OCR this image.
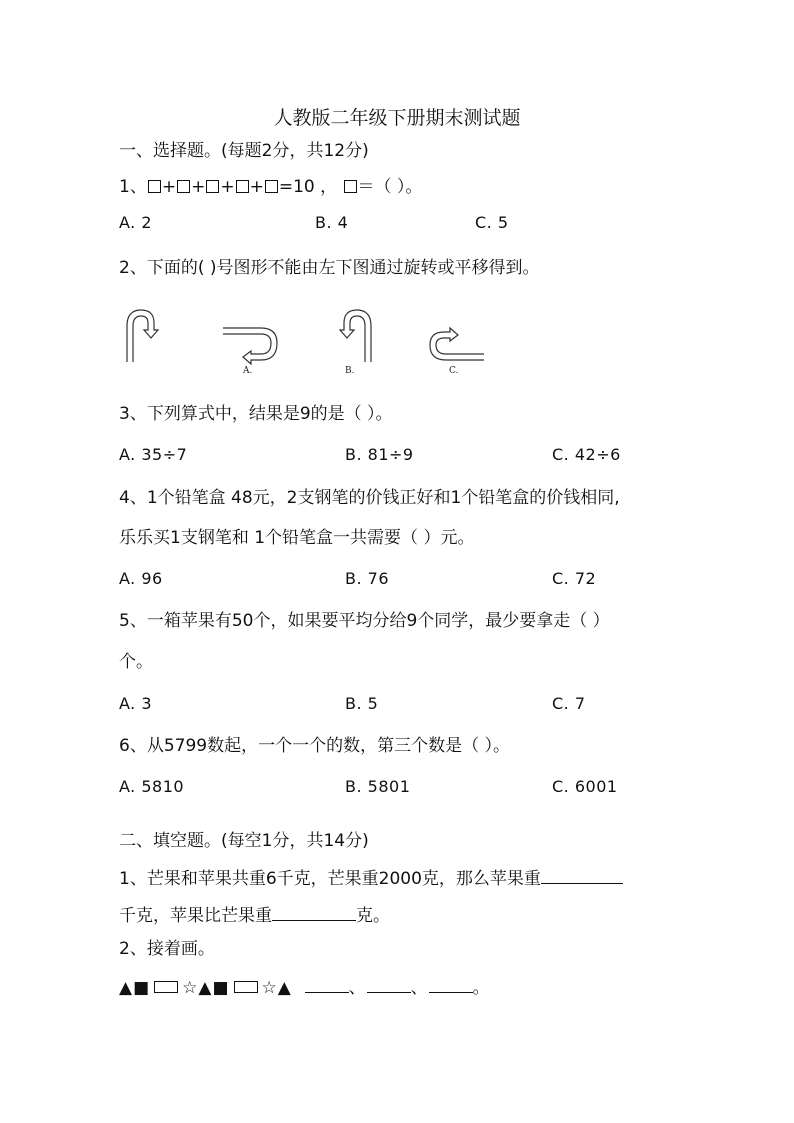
人教版二年级下册期末测试题
一、选择题。(每题2分，共12分)
1、 + + + + =10 ， ＝（ ）。
A. 2	B. 4	C. 5
2、下面的( )号图形不能由左下图通过旋转或平移得到。
A.	B.	C.
3、下列算式中，结果是9的是（ ）。
A. 35÷7	B. 81÷9	C. 42÷6
4、1个铅笔盒 48元，2支钢笔的价钱正好和1个铅笔盒的价钱相同,
乐乐买1支钢笔和 1个铅笔盒一共需要（ ）元。
A. 96	B. 76	C. 72
5、一箱苹果有50个，如果要平均分给9个同学，最少要拿走（ ）
个。
A. 3	B. 5	C. 7
6、从5799数起，一个一个的数，第三个数是（ ）。
A. 5810	B. 5801	C. 6001
二、填空题。(每空1分，共14分)
1、芒果和苹果共重6千克，芒果重2000克，那么苹果重
千克，苹果比芒果重	克。
2、接着画。
▲■ ☆▲■ ☆▲	、	、	。
